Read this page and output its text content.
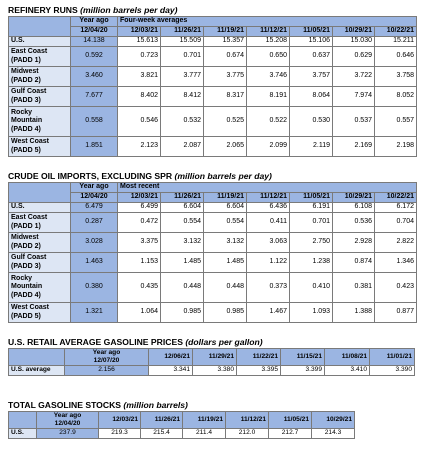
REFINERY RUNS (million barrels per day)
	Year ago	Four-week averages						
	12/04/20	12/03/21	11/26/21	11/19/21	11/12/21	11/05/21	10/29/21	10/22/21

U.S.	14.138	15.613	15.509	15.357	15.208	15.106	15.030	15.211

East Coast
(PADD 1)	0.592	0.723	0.701	0.674	0.650	0.637	0.629	0.646

Midwest
(PADD 2)	3.460	3.821	3.777	3.775	3.746	3.757	3.722	3.758

Gulf Coast
(PADD 3)	7.677	8.402	8.412	8.317	8.191	8.064	7.974	8.052

Rocky
Mountain
(PADD 4)	0.558	0.546	0.532	0.525	0.522	0.530	0.537	0.557

West Coast
(PADD 5)	1.851	2.123	2.087	2.065	2.099	2.119	2.169	2.198
CRUDE OIL IMPORTS, EXCLUDING SPR (million barrels per day)
	Year ago	Most recent						
	12/04/20	12/03/21	11/26/21	11/19/21	11/12/21	11/05/21	10/29/21	10/22/21

U.S.	6.479	6.499	6.604	6.604	6.436	6.191	6.108	6.172

East Coast
(PADD 1)	0.287	0.472	0.554	0.554	0.411	0.701	0.536	0.704

Midwest
(PADD 2)	3.028	3.375	3.132	3.132	3.063	2.750	2.928	2.822

Gulf Coast
(PADD 3)	1.463	1.153	1.485	1.485	1.122	1.238	0.874	1.346

Rocky
Mountain
(PADD 4)	0.380	0.435	0.448	0.448	0.373	0.410	0.381	0.423

West Coast
(PADD 5)	1.321	1.064	0.985	0.985	1.467	1.093	1.388	0.877
U.S. RETAIL AVERAGE GASOLINE PRICES (dollars per gallon)

	Year ago
12/07/20	12/06/21	11/29/21	11/22/21	11/15/21	11/08/21	11/01/21
U.S. average	2.156	3.341	3.380	3.395	3.399	3.410	3.390
TOTAL GASOLINE STOCKS (million barrels)

	Year ago
12/04/20	12/03/21	11/26/21	11/19/21	11/12/21	11/05/21	10/29/21
U.S.	237.9	219.3	215.4	211.4	212.0	212.7	214.3
